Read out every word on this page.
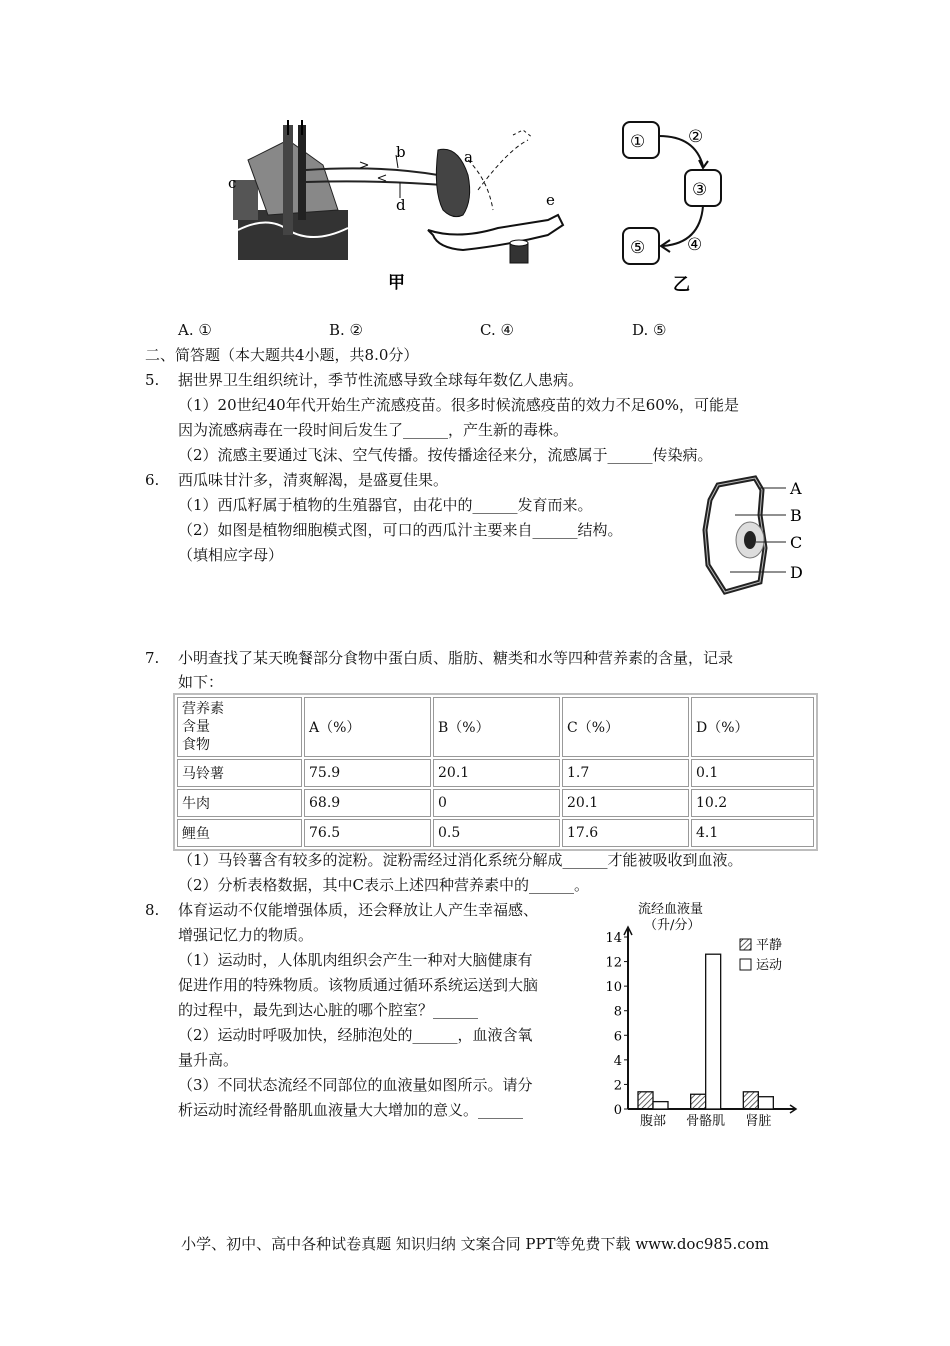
c
b
d
a
e
甲
①	②
③
④
⑤
乙
A. ①	B. ②	C. ④	D. ⑤
二、简答题（本大题共4小题，共8.0分）
5. 据世界卫生组织统计，季节性流感导致全球每年数亿人患病。
（1）20世纪40年代开始生产流感疫苗。很多时候流感疫苗的效力不足60%，可能是
因为流感病毒在一段时间后发生了______，产生新的毒株。
（2）流感主要通过飞沫、空气传播。按传播途径来分，流感属于______传染病。
6. 西瓜味甘汁多，清爽解渴，是盛夏佳果。
（1）西瓜籽属于植物的生殖器官，由花中的______发育而来。
（2）如图是植物细胞模式图，可口的西瓜汁主要来自______结构。
（填相应字母）
A
B
C
D
7. 小明查找了某天晚餐部分食物中蛋白质、脂肪、糖类和水等四种营养素的含量，记录
如下：
营养素
含量
食物	A（%）	B（%）	C（%）	D（%）
马铃薯	75.9	20.1	1.7	0.1
牛肉	68.9	0	20.1	10.2
鲤鱼	76.5	0.5	17.6	4.1
（1）马铃薯含有较多的淀粉。淀粉需经过消化系统分解成______才能被吸收到血液。
（2）分析表格数据，其中C表示上述四种营养素中的______。
8. 体育运动不仅能增强体质，还会释放让人产生幸福感、
增强记忆力的物质。
（1）运动时，人体肌肉组织会产生一种对大脑健康有
促进作用的特殊物质。该物质通过循环系统运送到大脑
的过程中，最先到达心脏的哪个腔室？______
（2）运动时呼吸加快，经肺泡处的______，血液含氧
量升高。
（3）不同状态流经不同部位的血液量如图所示。请分
析运动时流经骨骼肌血液量大大增加的意义。______
流经血液量
（升/分）
0
2
4
6
8
10
12
14
腹部 骨骼肌 肾脏
平静
运动
小学、初中、高中各种试卷真题 知识归纳 文案合同 PPT等免费下载 www.doc985.com
